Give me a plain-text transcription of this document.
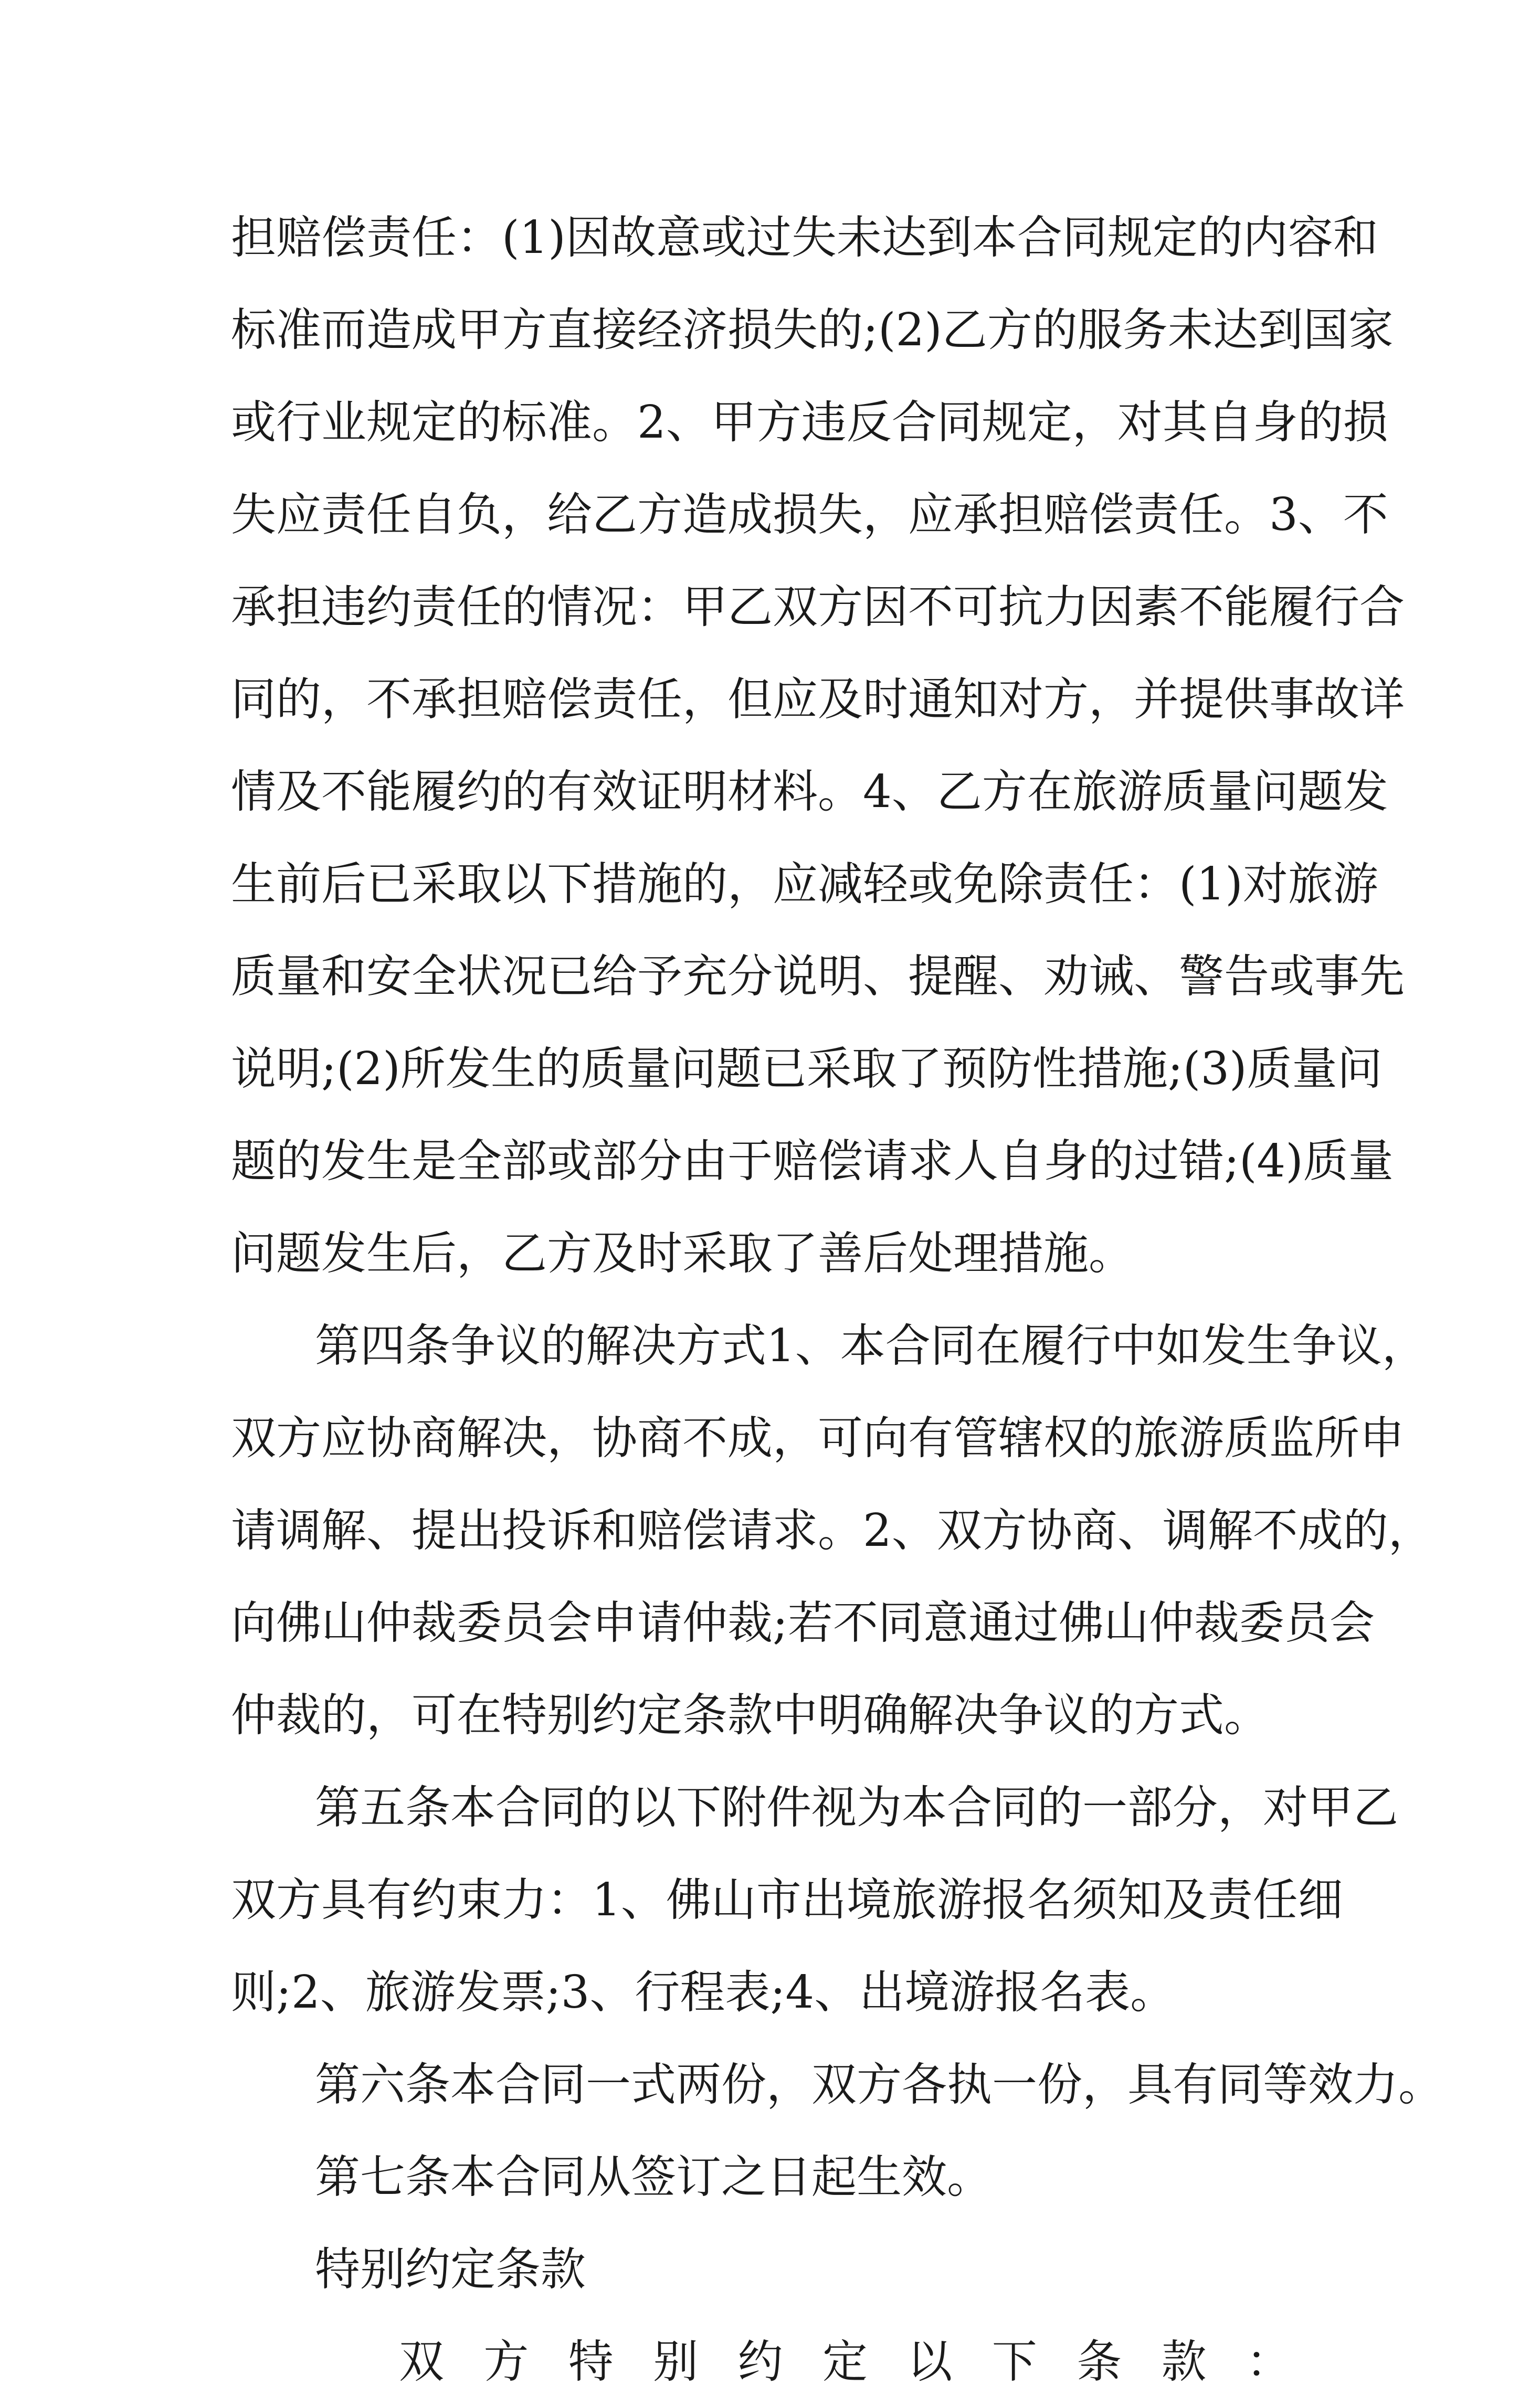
担赔偿责任：(1)因故意或过失未达到本合同规定的内容和
标准而造成甲方直接经济损失的;(2)乙方的服务未达到国家
或行业规定的标准。2、甲方违反合同规定，对其自身的损
失应责任自负，给乙方造成损失，应承担赔偿责任。3、不
承担违约责任的情况：甲乙双方因不可抗力因素不能履行合
同的，不承担赔偿责任，但应及时通知对方，并提供事故详
情及不能履约的有效证明材料。4、乙方在旅游质量问题发
生前后已采取以下措施的，应减轻或免除责任：(1)对旅游
质量和安全状况已给予充分说明、提醒、劝诫、警告或事先
说明;(2)所发生的质量问题已采取了预防性措施;(3)质量问
题的发生是全部或部分由于赔偿请求人自身的过错;(4)质量
问题发生后，乙方及时采取了善后处理措施。
第四条争议的解决方式1、本合同在履行中如发生争议，
双方应协商解决，协商不成，可向有管辖权的旅游质监所申
请调解、提出投诉和赔偿请求。2、双方协商、调解不成的，
向佛山仲裁委员会申请仲裁;若不同意通过佛山仲裁委员会
仲裁的，可在特别约定条款中明确解决争议的方式。
第五条本合同的以下附件视为本合同的一部分，对甲乙
双方具有约束力：1、佛山市出境旅游报名须知及责任细
则;2、旅游发票;3、行程表;4、出境游报名表。
第六条本合同一式两份，双方各执一份，具有同等效力。
第七条本合同从签订之日起生效。
特别约定条款
双方特别约定以下条款：
